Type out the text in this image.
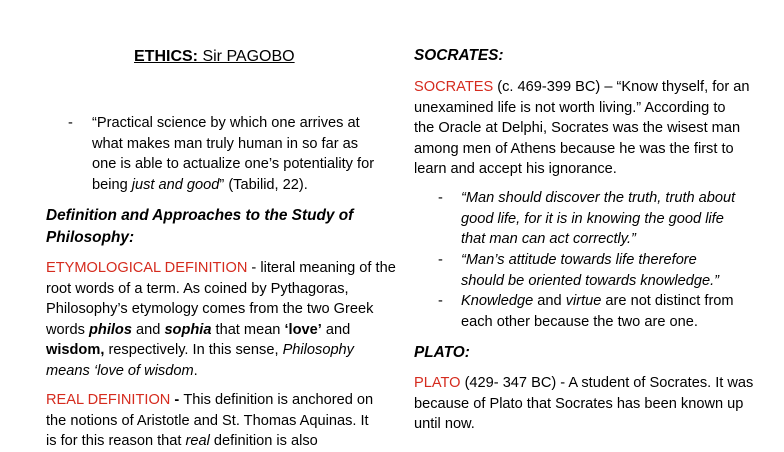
ETHICS: Sir PAGOBO
- “Practical science by which one arrives at
what makes man truly human in so far as
one is able to actualize one’s potentiality for
being just and good” (Tabilid, 22).

Definition and Approaches to the Study of

Philosophy:

ETYMOLOGICAL DEFINITION - literal meaning of the
root words of a term. As coined by Pythagoras,
Philosophy’s etymology comes from the two Greek
words philos and sophia that mean ‘love’ and
wisdom, respectively. In this sense, Philosophy
means ‘love of wisdom.
REAL DEFINITION - This definition is anchored on
the notions of Aristotle and St. Thomas Aquinas. It
is for this reason that real definition is also

SOCRATES:

SOCRATES (c. 469-399 BC) – “Know thyself, for an
unexamined life is not worth living.” According to
the Oracle at Delphi, Socrates was the wisest man
among men of Athens because he was the first to
learn and accept his ignorance.
- “Man should discover the truth, truth about
good life, for it is in knowing the good life
that man can act correctly.”
- “Man’s attitude towards life therefore
should be oriented towards knowledge.”
- Knowledge and virtue are not distinct from
each other because the two are one.

PLATO:

PLATO (429- 347 BC) - A student of Socrates. It was
because of Plato that Socrates has been known up
until now.
